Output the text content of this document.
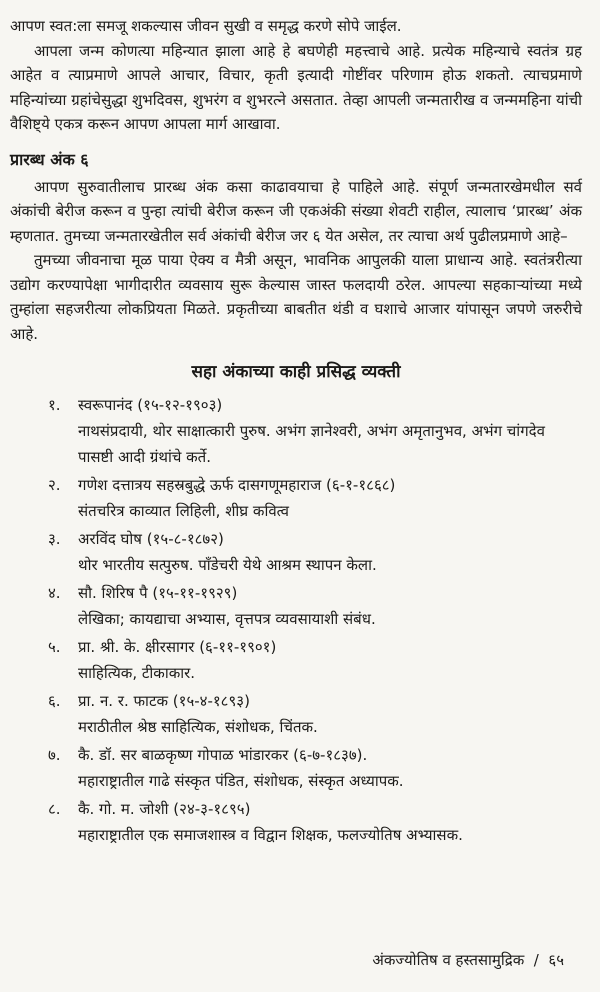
आपण स्वत:ला समजू शकल्यास जीवन सुखी व समृद्ध करणे सोपे जाईल.

आपला जन्म कोणत्या महिन्यात झाला आहे हे बघणेही महत्त्वाचे आहे. प्रत्येक महिन्याचे स्वतंत्र ग्रह आहेत व त्याप्रमाणे आपले आचार, विचार, कृती इत्यादी गोष्टींवर परिणाम होऊ शकतो. त्याचप्रमाणे महिन्यांच्या ग्रहांचेसुद्धा शुभदिवस, शुभरंग व शुभरत्ने असतात. तेव्हा आपली जन्मतारीख व जन्ममहिना यांची वैशिष्ट्ये एकत्र करून आपण आपला मार्ग आखावा.

प्रारब्ध अंक ६

आपण सुरुवातीलाच प्रारब्ध अंक कसा काढावयाचा हे पाहिले आहे. संपूर्ण जन्मतारखेमधील सर्व अंकांची बेरीज करून व पुन्हा त्यांची बेरीज करून जी एकअंकी संख्या शेवटी राहील, त्यालाच ‘प्रारब्ध’ अंक म्हणतात. तुमच्या जन्मतारखेतील सर्व अंकांची बेरीज जर ६ येत असेल, तर त्याचा अर्थ पुढीलप्रमाणे आहे–

तुमच्या जीवनाचा मूळ पाया ऐक्य व मैत्री असून, भावनिक आपुलकी याला प्राधान्य आहे. स्वतंत्ररीत्या उद्योग करण्यापेक्षा भागीदारीत व्यवसाय सुरू केल्यास जास्त फलदायी ठरेल. आपल्या सहकाऱ्यांच्या मध्ये तुम्हांला सहजरीत्या लोकप्रियता मिळते. प्रकृतीच्या बाबतीत थंडी व घशाचे आजार यांपासून जपणे जरुरीचे आहे.

सहा अंकाच्या काही प्रसिद्ध व्यक्ती
१.	स्वरूपानंद (१५-१२-१९०३)
नाथसंप्रदायी, थोर साक्षात्कारी पुरुष. अभंग ज्ञानेश्वरी, अभंग अमृतानुभव, अभंग चांगदेव पासष्टी आदी ग्रंथांचे कर्ते.
२.	गणेश दत्तात्रय सहस्रबुद्धे ऊर्फ दासगणूमहाराज (६-१-१८६८)
संतचरित्र काव्यात लिहिली, शीघ्र कवित्व
३.	अरविंद घोष (१५-८-१८७२)
थोर भारतीय सत्पुरुष. पाँडेचरी येथे आश्रम स्थापन केला.
४.	सौ. शिरिष पै (१५-११-१९२९)
लेखिका; कायद्याचा अभ्यास, वृत्तपत्र व्यवसायाशी संबंध.
५.	प्रा. श्री. के. क्षीरसागर (६-११-१९०१)
साहित्यिक, टीकाकार.
६.	प्रा. न. र. फाटक (१५-४-१८९३)
मराठीतील श्रेष्ठ साहित्यिक, संशोधक, चिंतक.
७.	कै. डॉ. सर बाळकृष्ण गोपाळ भांडारकर (६-७-१८३७).
महाराष्ट्रातील गाढे संस्कृत पंडित, संशोधक, संस्कृत अध्यापक.
८.	कै. गो. म. जोशी (२४-३-१८९५)
महाराष्ट्रातील एक समाजशास्त्र व विद्वान शिक्षक, फलज्योतिष अभ्यासक.
अंकज्योतिष व हस्तसामुद्रिक  /  ६५
